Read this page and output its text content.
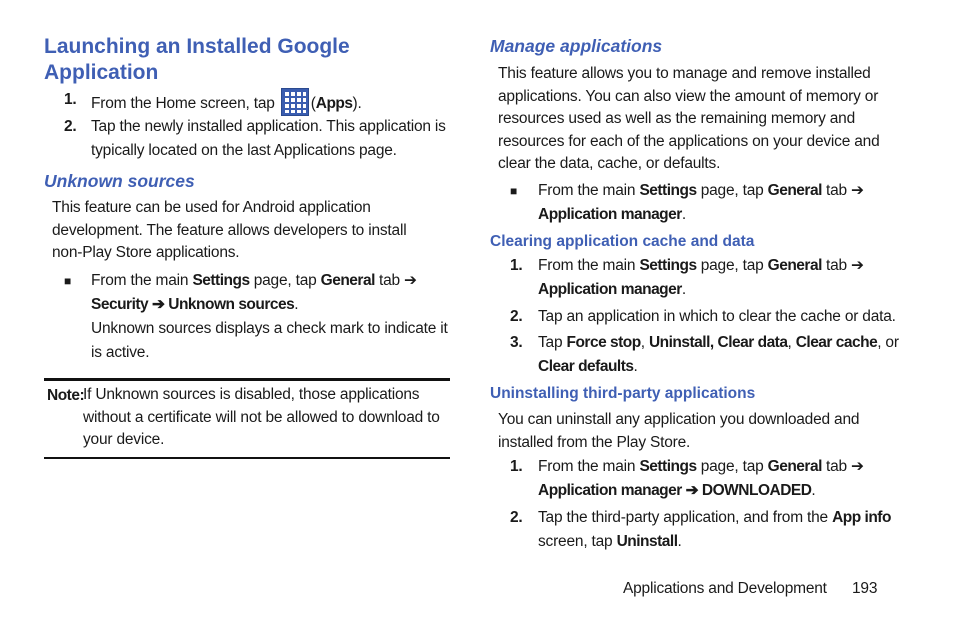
Launching an Installed Google Application
1. From the Home screen, tap (Apps).
2. Tap the newly installed application. This application is
typically located on the last Applications page.
Unknown sources
This feature can be used for Android application
development. The feature allows developers to install
non-Play Store applications.
■ From the main Settings page, tap General tab ➔
Security ➔ Unknown sources.
Unknown sources displays a check mark to indicate it
is active.
Note:
If Unknown sources is disabled, those applications
without a certificate will not be allowed to download to
your device.
Manage applications
This feature allows you to manage and remove installed
applications. You can also view the amount of memory or
resources used as well as the remaining memory and
resources for each of the applications on your device and
clear the data, cache, or defaults.
■ From the main Settings page, tap General tab ➔
Application manager.
Clearing application cache and data
1. From the main Settings page, tap General tab ➔
Application manager.
2. Tap an application in which to clear the cache or data.
3. Tap Force stop, Uninstall, Clear data, Clear cache, or
Clear defaults.
Uninstalling third-party applications
You can uninstall any application you downloaded and
installed from the Play Store.
1. From the main Settings page, tap General tab ➔
Application manager ➔ DOWNLOADED.
2. Tap the third-party application, and from the App info
screen, tap Uninstall.
Applications and Development 193
